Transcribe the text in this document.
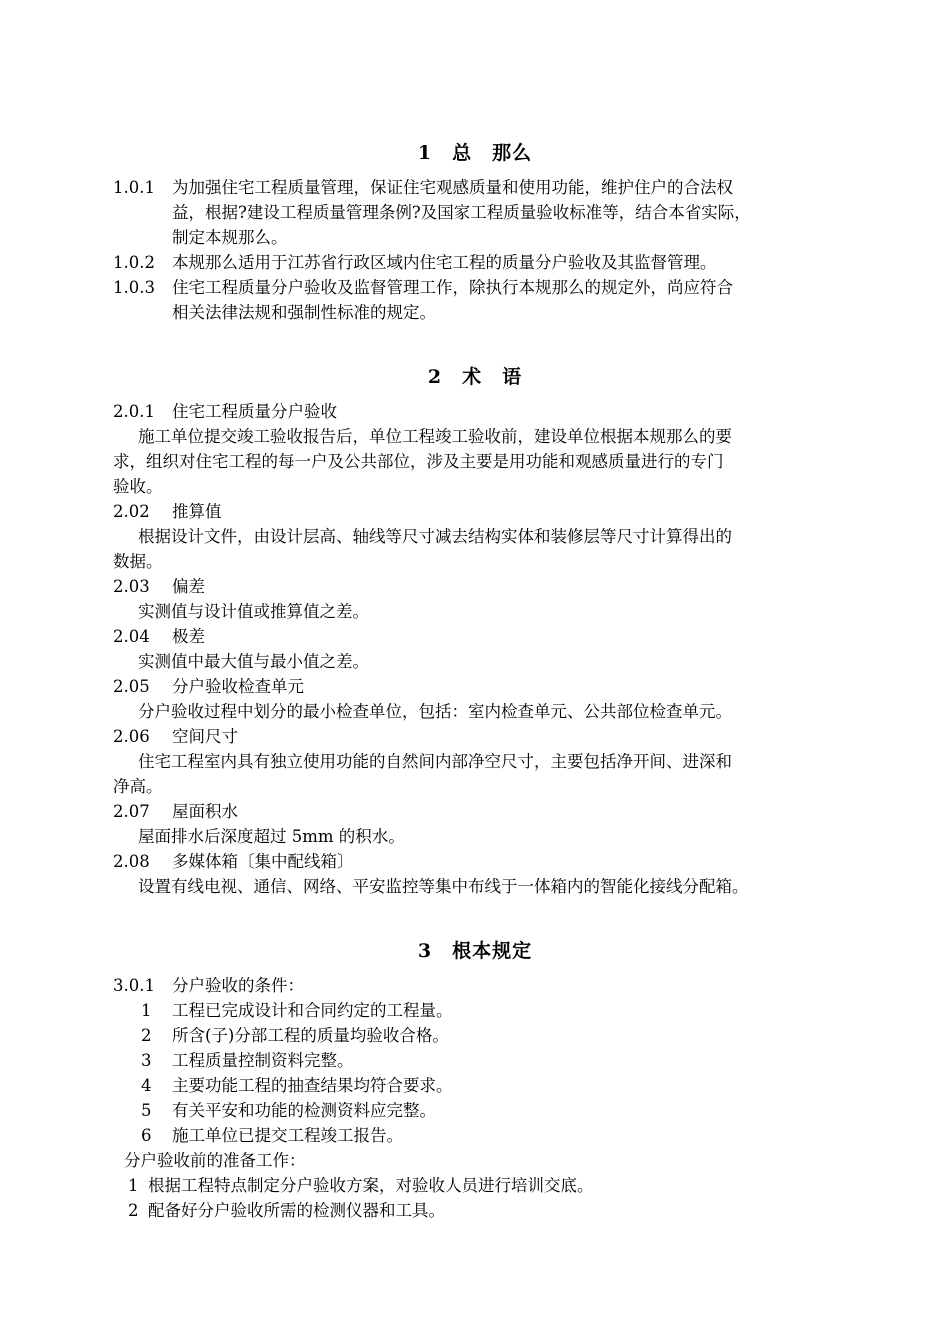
1　总　那么
1.0.1 为加强住宅工程质量管理，保证住宅观感质量和使用功能，维护住户的合法权
益，根据?建设工程质量管理条例?及国家工程质量验收标准等，结合本省实际，
制定本规那么。
1.0.2 本规那么适用于江苏省行政区域内住宅工程的质量分户验收及其监督管理。
1.0.3 住宅工程质量分户验收及监督管理工作，除执行本规那么的规定外，尚应符合
相关法律法规和强制性标准的规定。
2　术　语
2.0.1 住宅工程质量分户验收
施工单位提交竣工验收报告后，单位工程竣工验收前，建设单位根据本规那么的要
求，组织对住宅工程的每一户及公共部位，涉及主要是用功能和观感质量进行的专门
验收。
2.02 推算值
根据设计文件，由设计层高、轴线等尺寸减去结构实体和装修层等尺寸计算得出的
数据。
2.03 偏差
实测值与设计值或推算值之差。
2.04 极差
实测值中最大值与最小值之差。
2.05 分户验收检查单元
分户验收过程中划分的最小检查单位，包括：室内检查单元、公共部位检查单元。
2.06 空间尺寸
住宅工程室内具有独立使用功能的自然间内部净空尺寸，主要包括净开间、进深和
净高。
2.07 屋面积水
屋面排水后深度超过 5mm 的积水。
2.08 多媒体箱〔集中配线箱〕
设置有线电视、通信、网络、平安监控等集中布线于一体箱内的智能化接线分配箱。
3　根本规定
3.0.1 分户验收的条件：
1 工程已完成设计和合同约定的工程量。
2 所含(子)分部工程的质量均验收合格。
3 工程质量控制资料完整。
4 主要功能工程的抽查结果均符合要求。
5 有关平安和功能的检测资料应完整。
6 施工单位已提交工程竣工报告。
分户验收前的准备工作：
1 根据工程特点制定分户验收方案，对验收人员进行培训交底。
2 配备好分户验收所需的检测仪器和工具。
